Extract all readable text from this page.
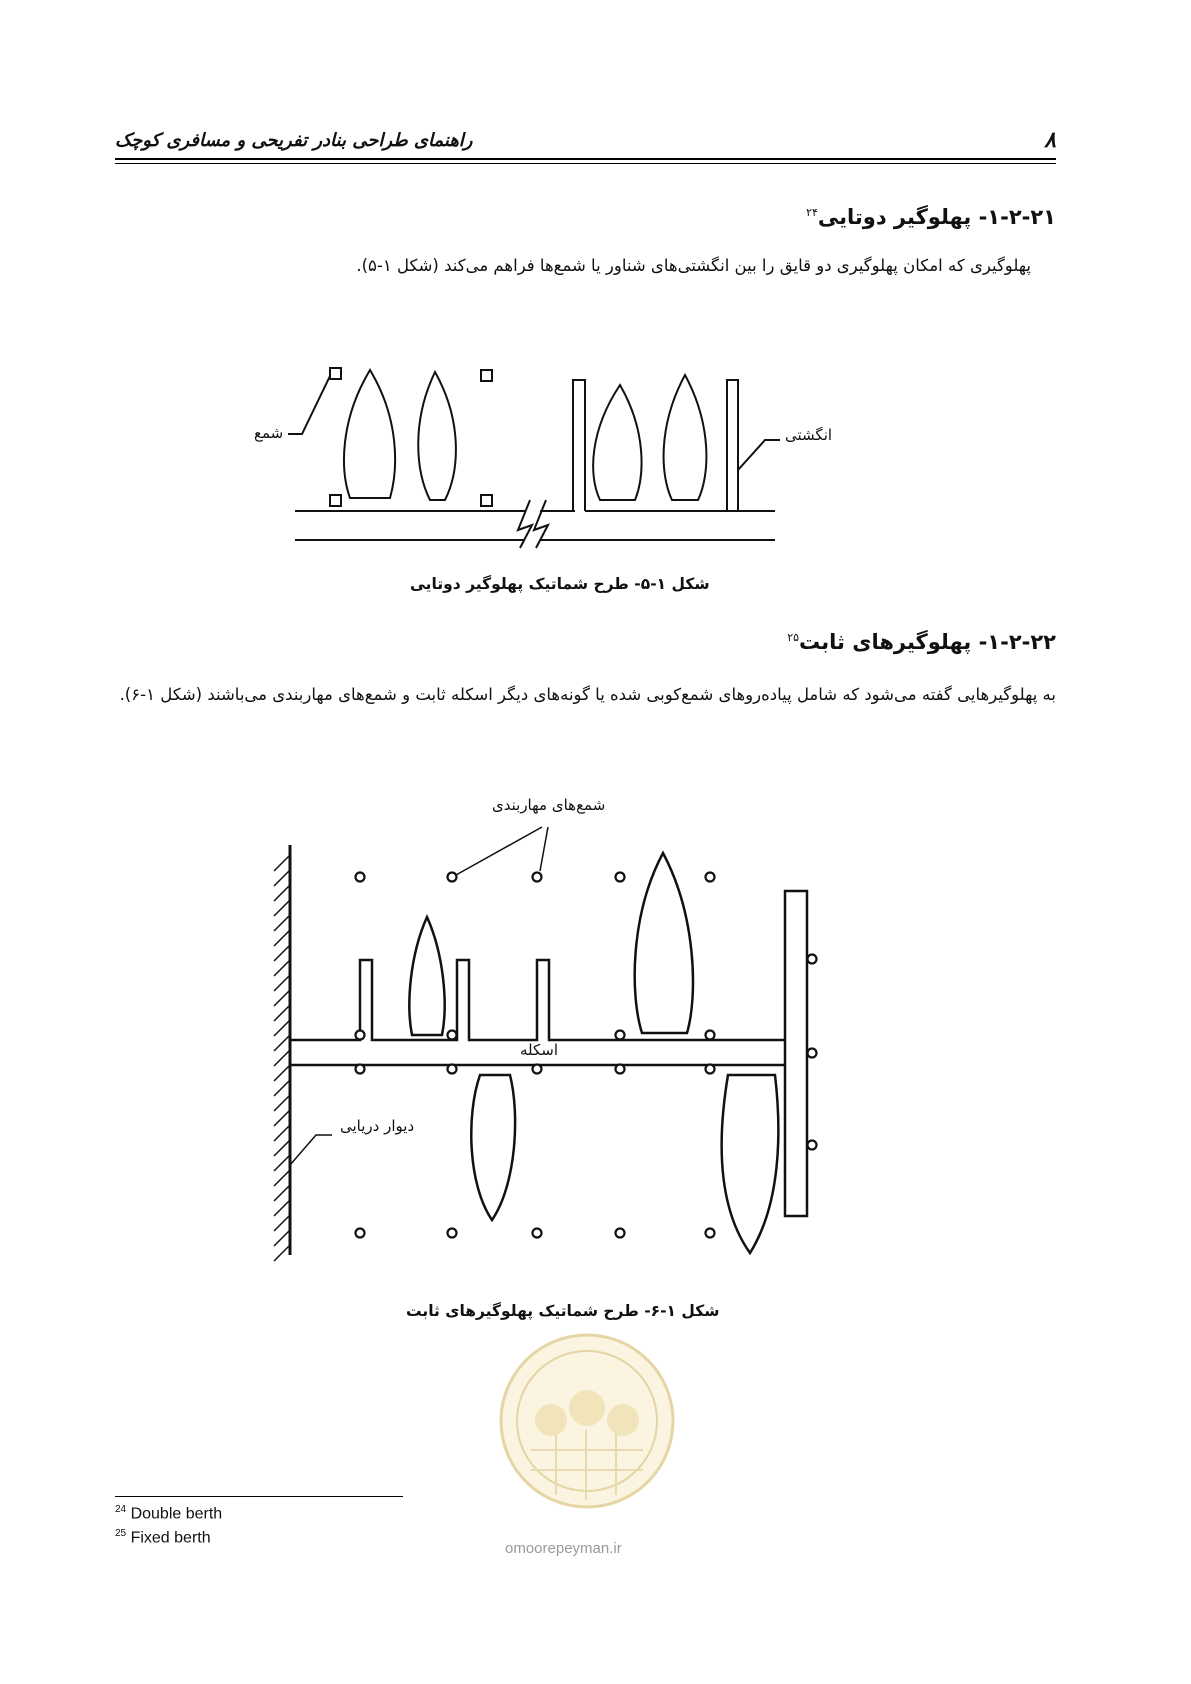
راهنمای طراحی بنادر تفریحی و مسافری کوچک	۸
۱-۲-۲۱- پهلوگیر دوتایی$^{۲۴}$
پهلوگیری که امکان پهلوگیری دو قایق را بین انگشتی‌های شناور یا شمع‌ها فراهم می‌کند (شکل ۱-۵).
شمع	انگشتی
شکل ۱-۵- طرح شماتیک پهلوگیر دوتایی
۱-۲-۲۲- پهلوگیرهای ثابت$^{۲۵}$
به پهلوگیرهایی گفته می‌شود که شامل پیاده‌روهای شمع‌کوبی شده یا گونه‌های دیگر اسکله ثابت و شمع‌های مهاربندی می‌باشند (شکل ۱-۶).
شمع‌های مهاربندی
اسکله
دیوار دریایی
omoorepeyman.ir
شکل ۱-۶- طرح شماتیک پهلوگیرهای ثابت
$^{24}$ Double berth
$^{25}$ Fixed berth
